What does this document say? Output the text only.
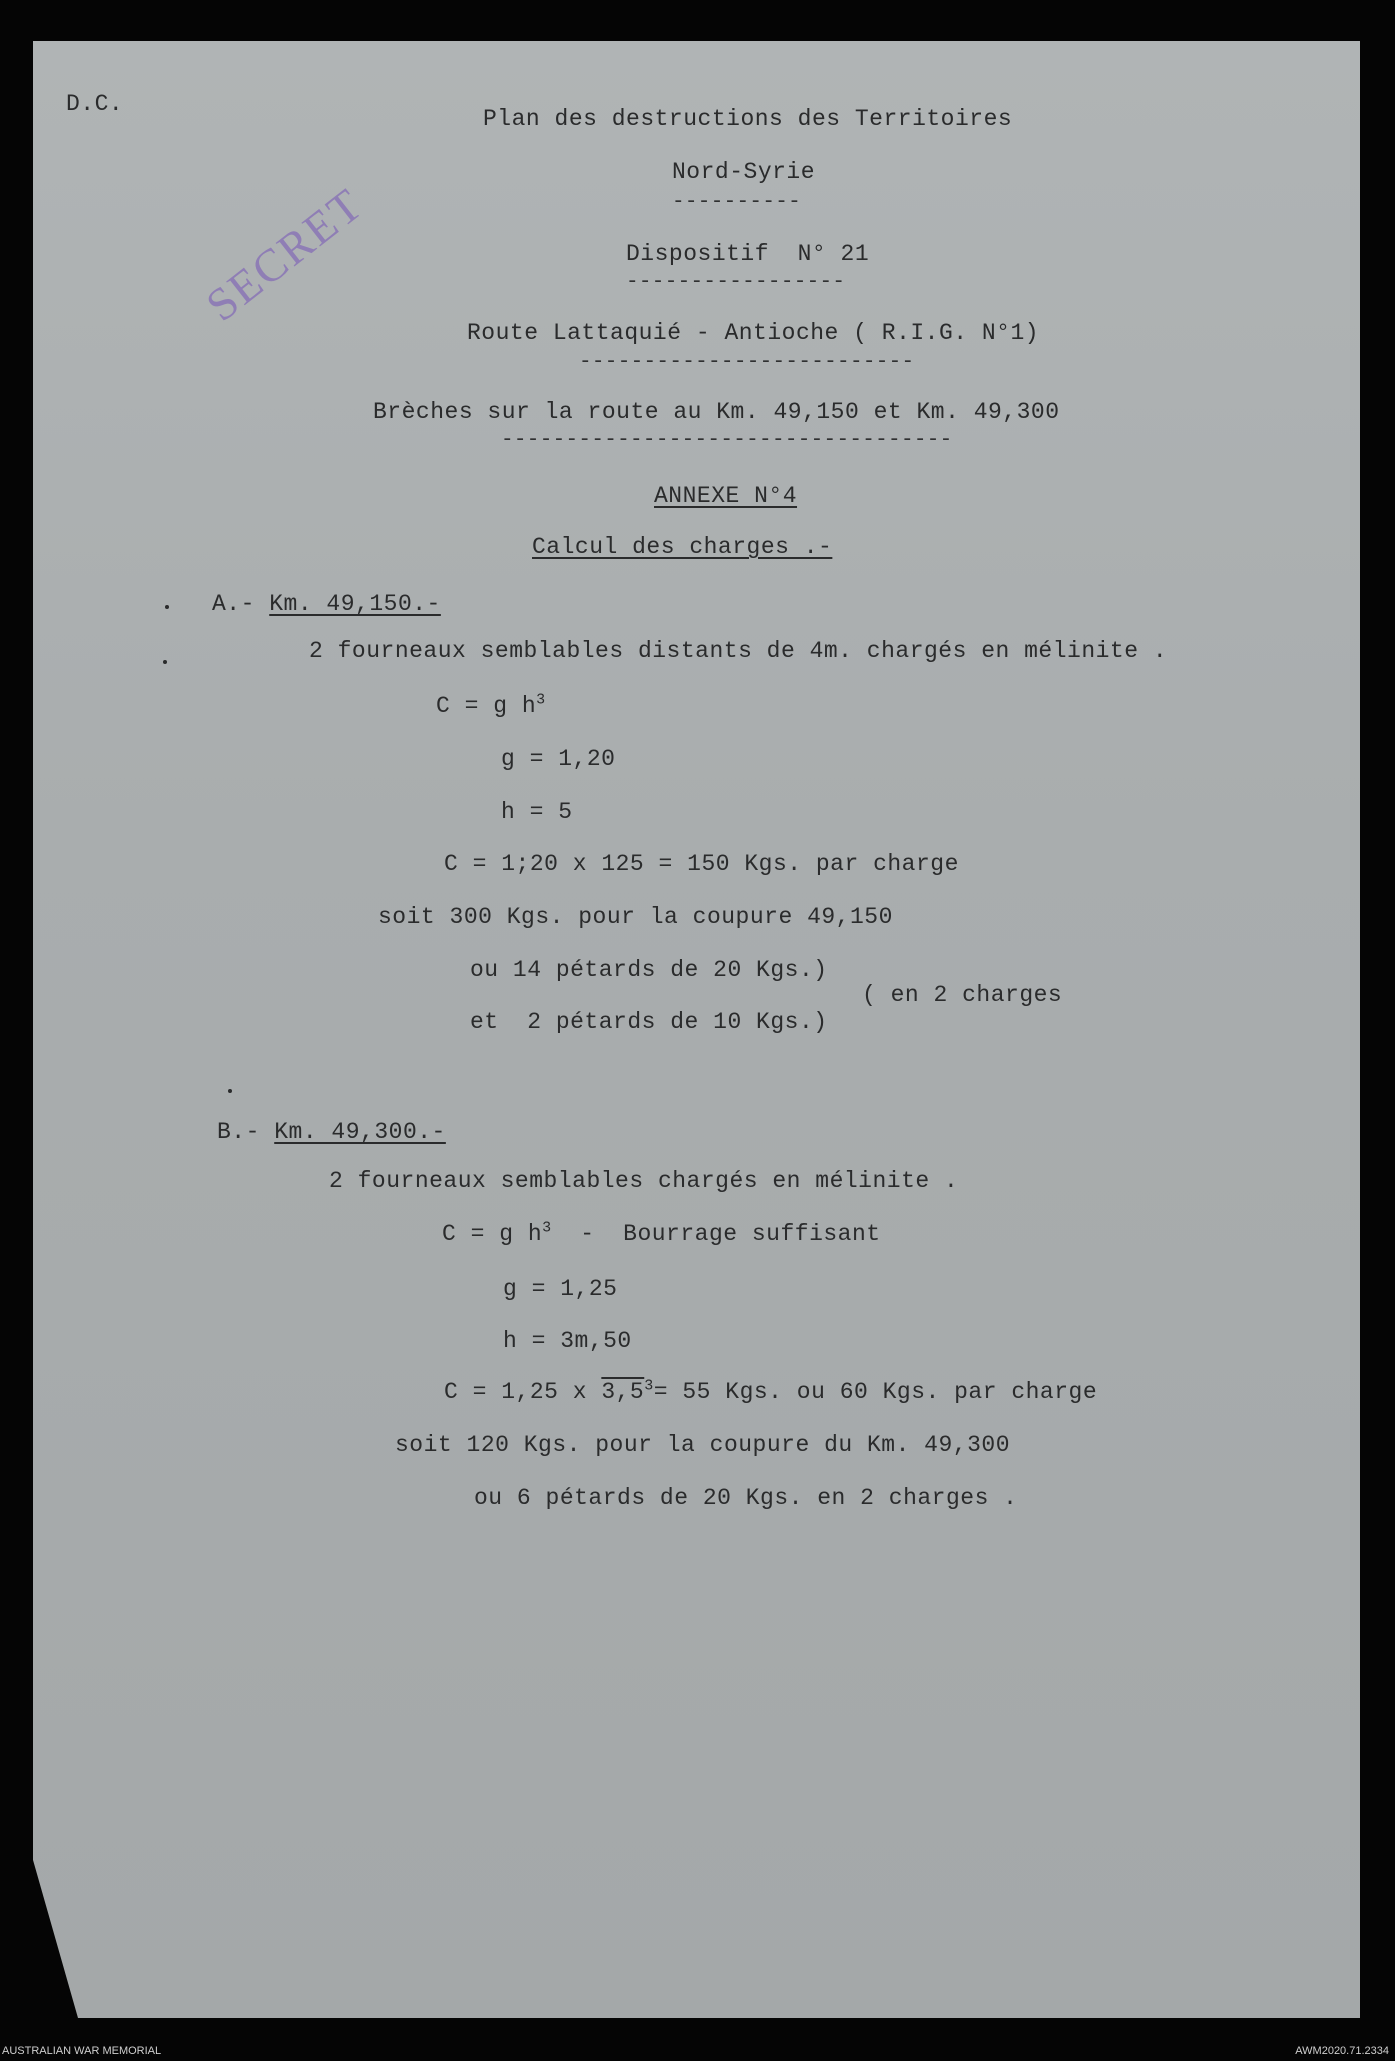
D.C.
Plan des destructions des Territoires
Nord-Syrie
----------
Dispositif  N° 21
-----------------
Route Lattaquié - Antioche ( R.I.G. N°1)
--------------------------
Brèches sur la route au Km. 49,150 et Km. 49,300
-----------------------------------
SECRET
ANNEXE N°4
Calcul des charges .-
A.- Km. 49,150.-
2 fourneaux semblables distants de 4m. chargés en mélinite .
C = g $h^3$
g = 1,20
h = 5
C = 1;20 x 125 = 150 Kgs. par charge
soit 300 Kgs. pour la coupure 49,150
ou 14 pétards de 20 Kgs.)
et  2 pétards de 10 Kgs.)
( en 2 charges
B.- Km. 49,300.-
2 fourneaux semblables chargés en mélinite .
C = g $h^3$  -  Bourrage suffisant
g = 1,25
h = 3m,50
C = 1,25 x $3,5^3= 55$ Kgs. ou 60 Kgs. par charge
soit 120 Kgs. pour la coupure du Km. 49,300
ou 6 pétards de 20 Kgs. en 2 charges .
AUSTRALIAN WAR MEMORIAL	AWM2020.71.2334
